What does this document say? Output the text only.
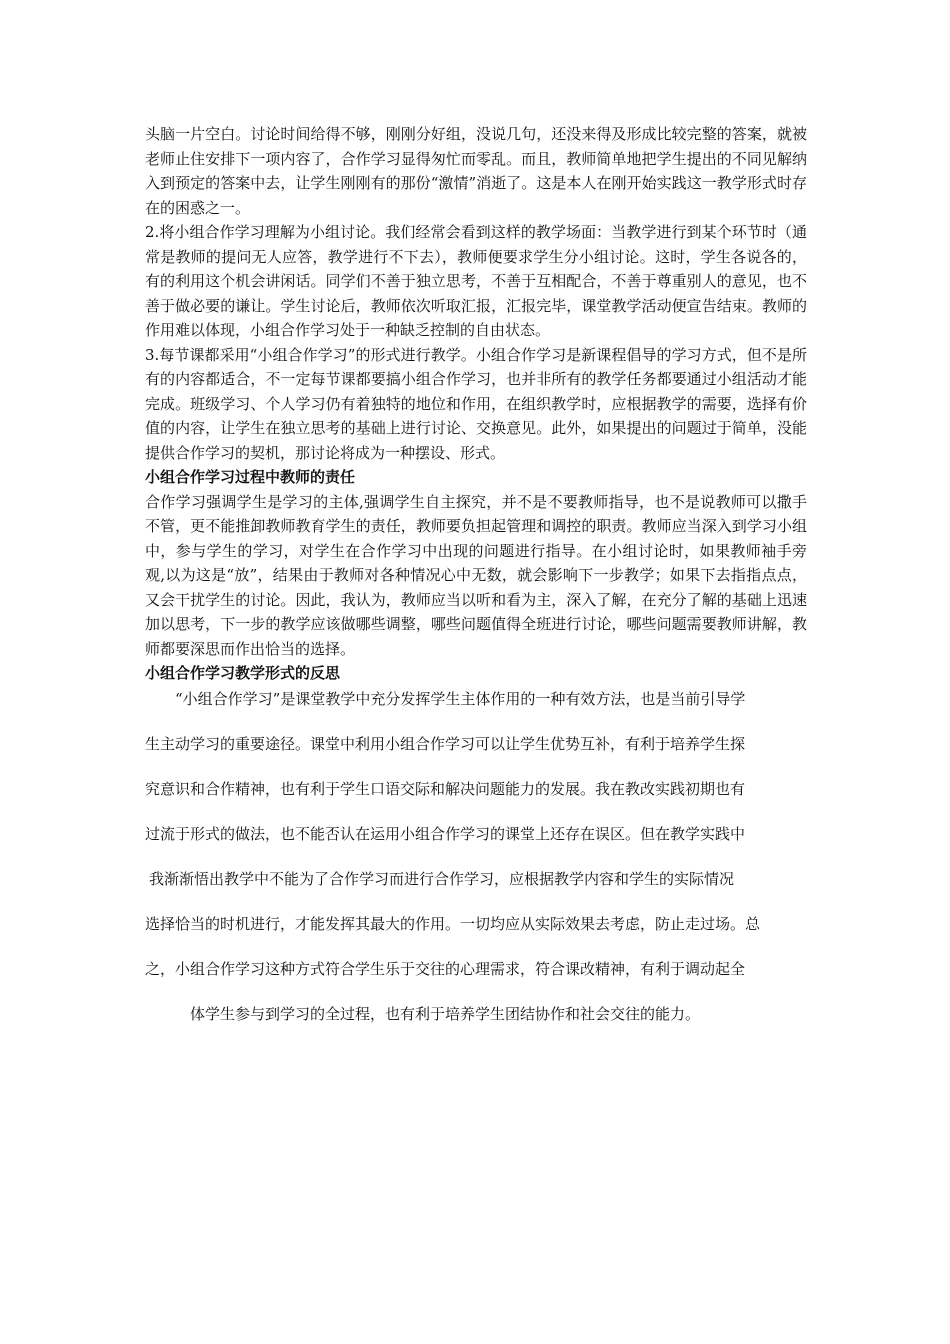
头脑一片空白。讨论时间给得不够，刚刚分好组，没说几句，还没来得及形成比较完整的答案，就被老师止住安排下一项内容了，合作学习显得匆忙而零乱。而且，教师简单地把学生提出的不同见解纳入到预定的答案中去，让学生刚刚有的那份“激情”消逝了。这是本人在刚开始实践这一教学形式时存在的困惑之一。

2.将小组合作学习理解为小组讨论。我们经常会看到这样的教学场面：当教学进行到某个环节时（通常是教师的提问无人应答，教学进行不下去），教师便要求学生分小组讨论。这时，学生各说各的，有的利用这个机会讲闲话。同学们不善于独立思考，不善于互相配合，不善于尊重别人的意见，也不善于做必要的谦让。学生讨论后，教师依次听取汇报，汇报完毕，课堂教学活动便宣告结束。教师的作用难以体现，小组合作学习处于一种缺乏控制的自由状态。

3.每节课都采用“小组合作学习”的形式进行教学。小组合作学习是新课程倡导的学习方式，但不是所有的内容都适合，不一定每节课都要搞小组合作学习，也并非所有的教学任务都要通过小组活动才能完成。班级学习、个人学习仍有着独特的地位和作用，在组织教学时，应根据教学的需要，选择有价值的内容，让学生在独立思考的基础上进行讨论、交换意见。此外，如果提出的问题过于简单，没能提供合作学习的契机，那讨论将成为一种摆设、形式。

小组合作学习过程中教师的责任

合作学习强调学生是学习的主体,强调学生自主探究，并不是不要教师指导，也不是说教师可以撒手不管，更不能推卸教师教育学生的责任，教师要负担起管理和调控的职责。教师应当深入到学习小组中，参与学生的学习，对学生在合作学习中出现的问题进行指导。在小组讨论时，如果教师袖手旁观,以为这是“放”，结果由于教师对各种情况心中无数，就会影响下一步教学；如果下去指指点点，又会干扰学生的讨论。因此，我认为，教师应当以听和看为主，深入了解，在充分了解的基础上迅速加以思考，下一步的教学应该做哪些调整，哪些问题值得全班进行讨论，哪些问题需要教师讲解，教师都要深思而作出恰当的选择。

小组合作学习教学形式的反思

“小组合作学习”是课堂教学中充分发挥学生主体作用的一种有效方法，也是当前引导学
生主动学习的重要途径。课堂中利用小组合作学习可以让学生优势互补，有利于培养学生探
究意识和合作精神，也有利于学生口语交际和解决问题能力的发展。我在教改实践初期也有
过流于形式的做法，也不能否认在运用小组合作学习的课堂上还存在误区。但在教学实践中
我渐渐悟出教学中不能为了合作学习而进行合作学习，应根据教学内容和学生的实际情况
选择恰当的时机进行，才能发挥其最大的作用。一切均应从实际效果去考虑，防止走过场。总
之，小组合作学习这种方式符合学生乐于交往的心理需求，符合课改精神，有利于调动起全
体学生参与到学习的全过程，也有利于培养学生团结协作和社会交往的能力。
